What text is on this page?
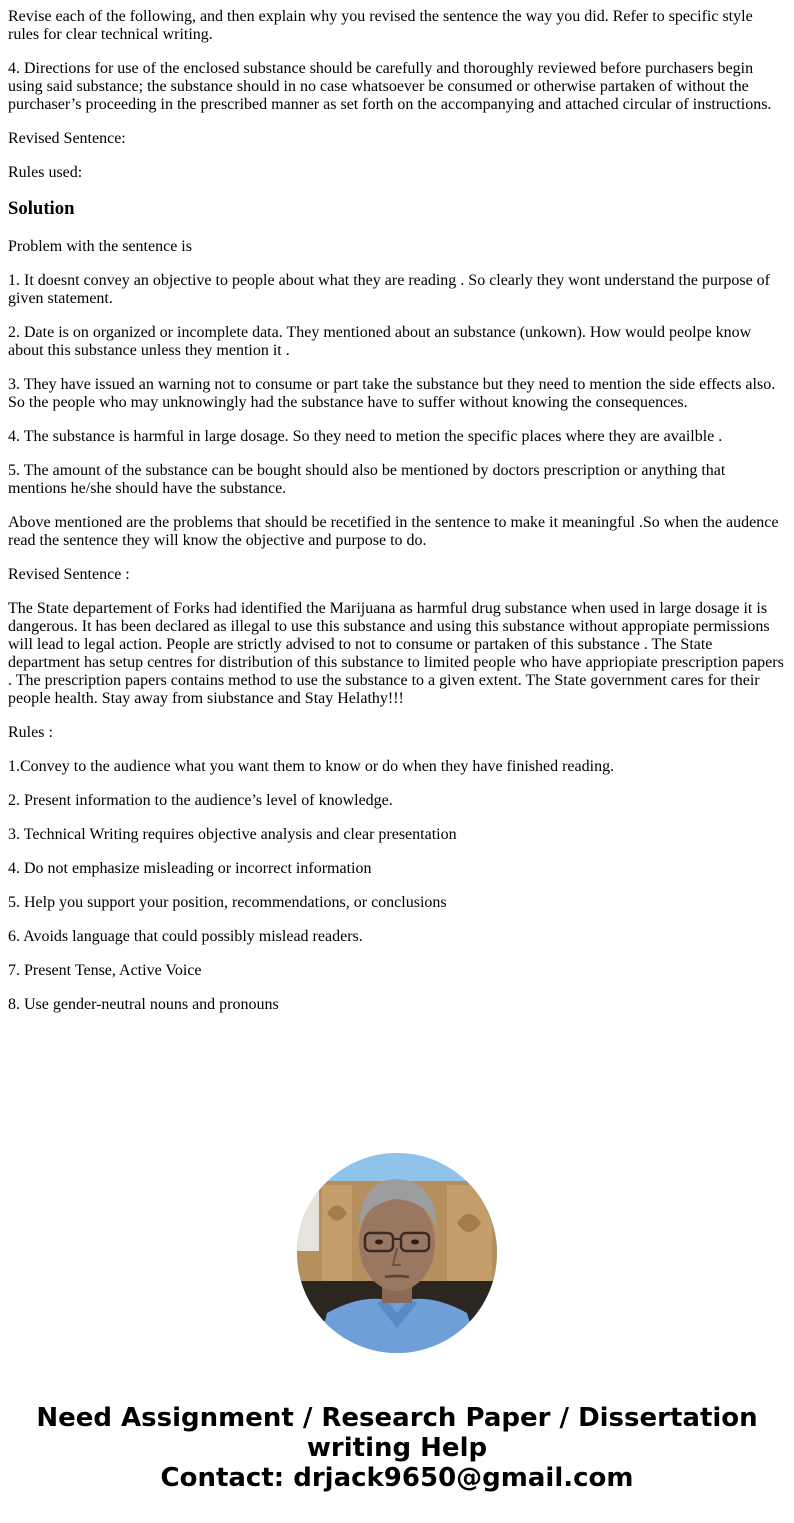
Revise each of the following, and then explain why you revised the sentence the way you did. Refer to specific style rules for clear technical writing.

4. Directions for use of the enclosed substance should be carefully and thoroughly reviewed before purchasers begin using said substance; the substance should in no case whatsoever be consumed or otherwise partaken of without the purchaser’s proceeding in the prescribed manner as set forth on the accompanying and attached circular of instructions.

Revised Sentence:

Rules used:

Solution

Problem with the sentence is

1. It doesnt convey an objective to people about what they are reading . So clearly they wont understand the purpose of given statement.

2. Date is on organized or incomplete data. They mentioned about an substance (unkown). How would peolpe know about this substance unless they mention it .

3. They have issued an warning not to consume or part take the substance but they need to mention the side effects also. So the people who may unknowingly had the substance have to suffer without knowing the consequences.

4. The substance is harmful in large dosage. So they need to metion the specific places where they are availble .

5. The amount of the substance can be bought should also be mentioned by doctors prescription or anything that mentions he/she should have the substance.

Above mentioned are the problems that should be recetified in the sentence to make it meaningful .So when the audence read the sentence they will know the objective and purpose to do.

Revised Sentence :

The State departement of Forks had identified the Marijuana as harmful drug substance when used in large dosage it is dangerous. It has been declared as illegal to use this substance and using this substance without appropiate permissions will lead to legal action. People are strictly advised to not to consume or partaken of this substance . The State department has setup centres for distribution of this substance to limited people who have appriopiate prescription papers . The prescription papers contains method to use the substance to a given extent. The State government cares for their people health. Stay away from siubstance and Stay Helathy!!!

Rules :

1.Convey to the audience what you want them to know or do when they have finished reading.

2. Present information to the audience’s level of knowledge.

3. Technical Writing requires objective analysis and clear presentation

4. Do not emphasize misleading or incorrect information

5. Help you support your position, recommendations, or conclusions

6. Avoids language that could possibly mislead readers.

7. Present Tense, Active Voice

8. Use gender-neutral nouns and pronouns

Need Assignment / Research Paper / Dissertation
writing Help
Contact: drjack9650@gmail.com
